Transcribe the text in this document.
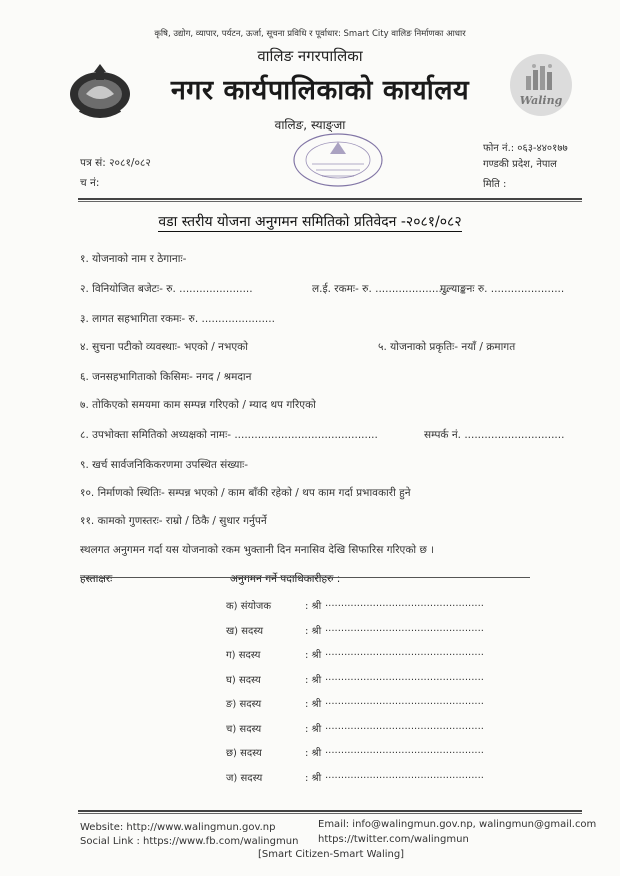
कृषि, उद्योग, व्यापार, पर्यटन, ऊर्जा, सूचना प्रविधि र पूर्वाधार: Smart City वालिङ निर्माणका आधार
वालिङ नगरपालिका
नगर कार्यपालिकाको कार्यालय	Waling
वालिङ, स्याङ्जा
पत्र सं: २०८१/०८२
च नं:
फोन नं.: ०६३-४४०१७७
गण्डकी प्रदेश, नेपाल
मिति :
वडा स्तरीय योजना अनुगमन समितिको प्रतिवेदन -२०८१/०८२
१. योजनाको नाम र ठेगानाः-
२. विनियोजित बजेटः- रु. ......................	ल.ई. रकमः- रु. ......................
मुल्याङ्कनः रु. ......................
३. लागत सहभागिता रकमः- रु. ......................
४. सुचना पटीको व्यवस्थाः- भएको / नभएको	५. योजनाको प्रकृतिः- नयाँ / क्रमागत
६. जनसहभागिताको किसिमः- नगद / श्रमदान
७. तोकिएको समयमा काम सम्पन्न गरिएको / म्याद थप गरिएको
८. उपभोक्ता समितिको अध्यक्षको नामः- ...........................................	सम्पर्क नं. ..............................
९. खर्च सार्वजनिकिकरणमा उपस्थित संख्याः-
१०. निर्माणको स्थितिः- सम्पन्न भएको / काम बाँकी रहेको / थप काम गर्दा प्रभावकारी हुने
११. कामको गुणस्तरः- राम्रो / ठिकै / सुधार गर्नुपर्ने
स्थलगत अनुगमन गर्दा यस योजनाको रकम भुक्तानी दिन मनासिव देखि सिफारिस गरिएको छ ।
हस्ताक्षरः	अनुगमन गर्ने पदाधिकारीहरु :
क) संयोजक	: श्री ..................................................
ख) सदस्य	: श्री ..................................................
ग) सदस्य	: श्री ..................................................
घ) सदस्य	: श्री ..................................................
ङ) सदस्य	: श्री ..................................................
च) सदस्य	: श्री ..................................................
छ) सदस्य	: श्री ..................................................
ज) सदस्य	: श्री ..................................................
Website: http://www.walingmun.gov.np	Email: info@walingmun.gov.np, walingmun@gmail.com
Social Link : https://www.fb.com/walingmun https://twitter.com/walingmun
[Smart Citizen-Smart Waling]
